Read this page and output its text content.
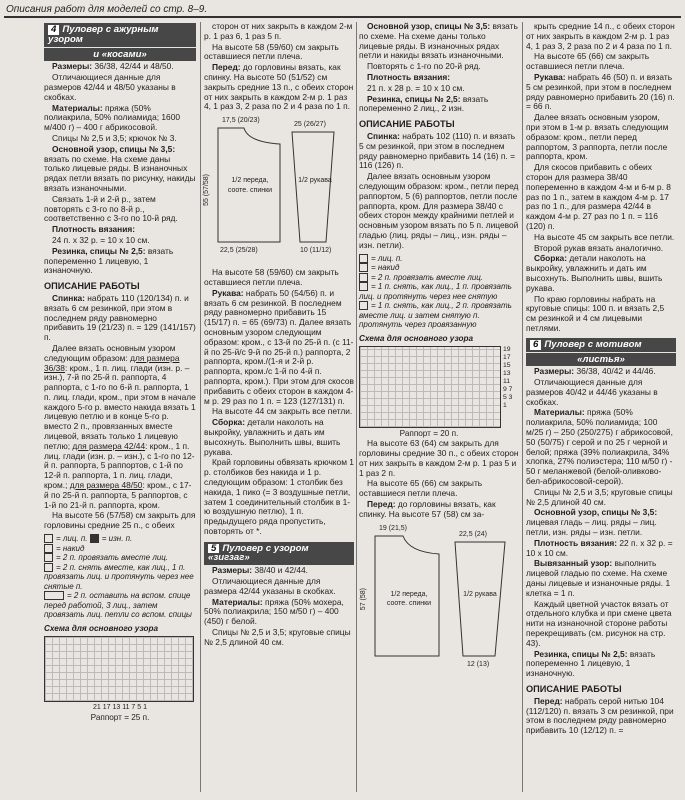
Описания работ для моделей со стр. 8–9.
4 Пуловер с ажурным узором
и «косами»

Размеры: 36/38, 42/44 и 48/50.

Отличающиеся данные для размеров 42/44 и 48/50 указаны в скобках.

Материалы: пряжа (50% полиакрила, 50% полиамида; 1600 м/400 г) – 400 г абрикосовой.

Спицы № 2,5 и 3,5; крючок № 3.

Основной узор, спицы № 3,5: вязать по схеме. На схеме даны только лицевые ряды. В изнаночных рядах петли вязать по рисунку, накиды вязать изнаночными.

Связать 1-й и 2-й р., затем повторять с 3-го по 8-й р., соответственно с 3-го по 10-й ряд.

Плотность вязания:

24 п. х 32 р. = 10 х 10 см.

Резинка, спицы № 2,5: вязать попеременно 1 лицевую, 1 изнаночную.

ОПИСАНИЕ РАБОТЫ

Спинка: набрать 110 (120/134) п. и вязать 6 см резинкой, при этом в последнем ряду равномерно прибавить 19 (21/23) п. = 129 (141/157) п.

Далее вязать основным узором следующим образом: для размера 36/38: кром., 1 п. лиц. глади (изн. р. – изн.), 7-й по 25-й п. раппорта, 4 раппорта, с 1-го по 6-й п. раппорта, 1 п. лиц. глади, кром., при этом в начале каждого 5-го р. вместо накида вязать 1 лицевую петлю и в конце 5-го р. вместо 2 п., провязанных вместе лицевой, вязать только 1 лицевую петлю; для размера 42/44: кром., 1 п. лиц. глади (изн. р. – изн.), с 1-го по 12-й п. раппорта, 5 раппортов, с 1-й по 12-й п. раппорта, 1 п. лиц. глади, кром.; для размера 48/50: кром., с 17-й по 25-й п. раппорта, 5 раппортов, с 1-й по 21-й п. раппорта, кром.

На высоте 56 (57/58) см закрыть для горловины средние 25 п., с обеих

= лиц. п. = изн. п.
= накид
= 2 п. провязать вместе лиц.
= 2 п. снять вместе, как лиц., 1 п. провязать лиц. и протянуть через нее снятые п.
= 2 п. оставить на вспом. спице перед работой, 3 лиц., затем провязать лиц. петли со вспом. спицы
Схема для основного узора
21 17 13 11 7 5 1
Раппорт = 25 п.

сторон от них закрыть в каждом 2-м р. 1 раз 6, 1 раз 5 п.

На высоте 58 (59/60) см закрыть оставшиеся петли плеча.

Перед: до горловины вязать, как спинку. На высоте 50 (51/52) см закрыть средние 13 п., с обеих сторон от них закрыть в каждом 2-м р. 1 раз 4, 1 раз 3, 2 раза по 2 и 4 раза по 1 п.

17,5 (20/23)
25 (26/27)
55 (57/58)	1/2 переда, сооте. спинки
1/2 рукава
22,5 (25/28)	10 (11/12)

На высоте 58 (59/60) см закрыть оставшиеся петли плеча.

Рукава: набрать 50 (54/56) п. и вязать 6 см резинкой. В последнем ряду равномерно прибавить 15 (15/17) п. = 65 (69/73) п. Далее вязать основным узором следующим образом: кром., с 13-й по 25-й п. (с 11-й по 25-й/с 9-й по 25-й п.) раппорта, 2 раппорта, кром./(1-я и 2-й р. раппорта, кром./с 1-й по 4-й п. раппорта, кром.). При этом для скосов прибавить с обеих сторон в каждом 4-м р. 29 раз по 1 п. = 123 (127/131) п.

На высоте 44 см закрыть все петли.

Сборка: детали наколоть на выкройку, увлажнить и дать им высохнуть. Выполнить швы, вшить рукава.

Край горловины обвязать крючком 1 р. столбиков без накида и 1 р. следующим образом: 1 столбик без накида, 1 пико (= 3 воздушные петли, затем 1 соединительный столбик в 1-ю воздушную петлю), 1 п. предыдущего ряда пропустить, повторять от *.

5 Пуловер с узором «зигзаг»

Размеры: 38/40 и 42/44.

Отличающиеся данные для размера 42/44 указаны в скобках.

Материалы: пряжа (50% мохера, 50% полиакрила; 150 м/50 г) – 400 (450) г белой.

Спицы № 2,5 и 3,5; круговые спицы № 2,5 длиной 40 см.

Основной узор, спицы № 3,5: вязать по схеме. На схеме даны только лицевые ряды. В изнаночных рядах петли и накиды вязать изнаночными.

Повторять с 1-го по 20-й ряд.

Плотность вязания:

21 п. х 28 р. = 10 х 10 см.

Резинка, спицы № 2,5: вязать попеременно 2 лиц., 2 изн.

ОПИСАНИЕ РАБОТЫ

Спинка: набрать 102 (110) п. и вязать 5 см резинкой, при этом в последнем ряду равномерно прибавить 14 (16) п. = 116 (126) п.

Далее вязать основным узором следующим образом: кром., петли перед раппортом, 5 (6) раппортов, петли после раппорта, кром. Для размера 38/40 с обеих сторон между крайними петлей и основным узором вязать по 5 п. лицевой гладью (лиц. ряды – лиц., изн. ряды – изн. петли).

= лиц. п.
= накид
= 2 п. провязать вместе лиц.
= 1 п. снять, как лиц., 1 п. провязать лиц. и протянуть через нее снятую
= 1 п. снять, как лиц., 2 п. провязать вместе лиц. и затем снятую п. протянуть через провязанную
Схема для основного узора
19 17 15 13 11 9 7 5 3 1
Раппорт = 20 п.

На высоте 63 (64) см закрыть для горловины средние 30 п., с обеих сторон от них закрыть в каждом 2-м р. 1 раз 5 и 1 раз 2 п.

На высоте 65 (66) см закрыть оставшиеся петли плеча.

Перед: до горловины вязать, как спинку. На высоте 57 (58) см за-

19 (21,5)
22,5 (24)
57 (58)	1/2 переда, сооте. спинки
1/2 рукава
12 (13)

крыть средние 14 п., с обеих сторон от них закрыть в каждом 2-м р. 1 раз 4, 1 раз 3, 2 раза по 2 и 4 раза по 1 п.

На высоте 65 (66) см закрыть оставшиеся петли плеча.

Рукава: набрать 46 (50) п. и вязать 5 см резинкой, при этом в последнем ряду равномерно прибавить 20 (16) п. = 66 п.

Далее вязать основным узором, при этом в 1-м р. вязать следующим образом: кром., петли перед раппортом, 3 раппорта, петли после раппорта, кром.

Для скосов прибавить с обеих сторон для размера 38/40 попеременно в каждом 4-м и 6-м р. 8 раз по 1 п., затем в каждом 4-м р. 17 раз по 1 п., для размера 42/44 в каждом 4-м р. 27 раз по 1 п. = 116 (120) п.

На высоте 45 см закрыть все петли.

Второй рукав вязать аналогично.

Сборка: детали наколоть на выкройку, увлажнить и дать им высохнуть. Выполнить швы, вшить рукава.

По краю горловины набрать на круговые спицы: 100 п. и вязать 2,5 см резинкой и 4 см лицевыми петлями.

6 Пуловер с мотивом
«листья»

Размеры: 36/38, 40/42 и 44/46.

Отличающиеся данные для размеров 40/42 и 44/46 указаны в скобках.

Материалы: пряжа (50% полиакрила, 50% полиамида; 100 м/25 г) – 250 (250/275) г абрикосовой, 50 (50/75) г серой и по 25 г черной и белой; пряжа (39% полиакрила, 34% хлопка, 27% полиэстера; 110 м/50 г) - 50 г меланжевой (белой-оливково-бел-абрикосовой-серой).

Спицы № 2,5 и 3,5; круговые спицы № 2,5 длиной 40 см.

Основной узор, спицы № 3,5: лицевая гладь – лиц. ряды – лиц. петли, изн. ряды – изн. петли.

Плотность вязания: 22 п. х 32 р. = 10 х 10 см.

Вывязанный узор: выполнить лицевой гладью по схеме. На схеме даны лицевые и изнаночные ряды. 1 клетка = 1 п.

Каждый цветной участок вязать от отдельного клубка и при смене цвета нити на изнаночной стороне работы перекрещивать (см. рисунок на стр. 43).

Резинка, спицы № 2,5: вязать попеременно 1 лицевую, 1 изнаночную.

ОПИСАНИЕ РАБОТЫ

Перед: набрать серой нитью 104 (112/120) п. вязать 3 см резинкой, при этом в последнем ряду равномерно прибавить 10 (12/12) п. =
